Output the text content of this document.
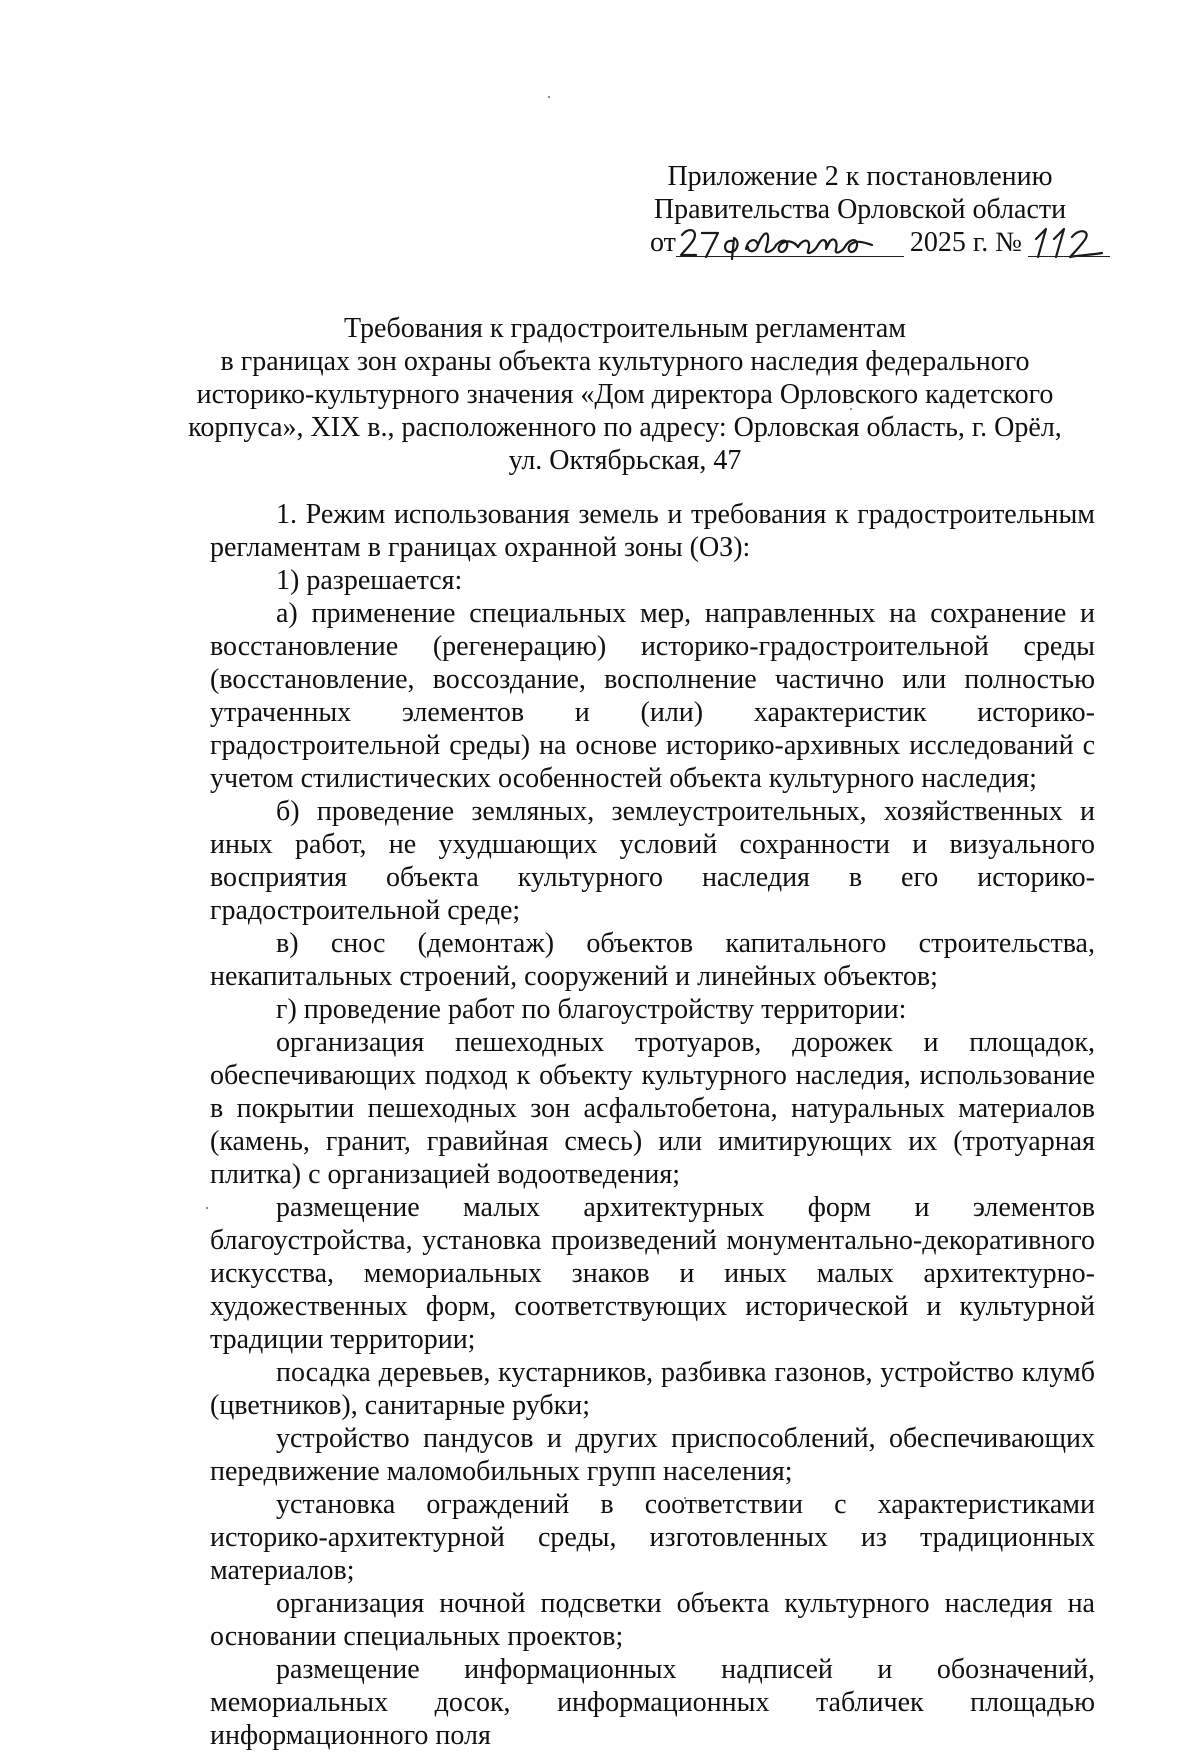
Приложение 2 к постановлению
Правительства Орловской области
от	2025 г. №
Требования к градостроительным регламентам
в границах зон охраны объекта культурного наследия федерального
историко-культурного значения «Дом директора Орловского кадетского
корпуса», XIX в., расположенного по адресу: Орловская область, г. Орёл,
ул. Октябрьская, 47

1. Режим использования земель и требования к градостроительным регламентам в границах охранной зоны (ОЗ):

1) разрешается:

а) применение специальных мер, направленных на сохранение и восстановление (регенерацию) историко-градостроительной среды (восстановление, воссоздание, восполнение частично или полностью утраченных элементов и (или) характеристик историко-градостроительной среды) на основе историко-архивных исследований с учетом стилистических особенностей объекта культурного наследия;

б) проведение земляных, землеустроительных, хозяйственных и иных работ, не ухудшающих условий сохранности и визуального восприятия объекта культурного наследия в его историко-градостроительной среде;

в) снос (демонтаж) объектов капитального строительства, некапитальных строений, сооружений и линейных объектов;

г) проведение работ по благоустройству территории:

организация пешеходных тротуаров, дорожек и площадок, обеспечивающих подход к объекту культурного наследия, использование в покрытии пешеходных зон асфальтобетона, натуральных материалов (камень, гранит, гравийная смесь) или имитирующих их (тротуарная плитка) с организацией водоотведения;

размещение малых архитектурных форм и элементов благоустройства, установка произведений монументально-декоративного искусства, мемориальных знаков и иных малых архитектурно-художественных форм, соответствующих исторической и культурной традиции территории;

посадка деревьев, кустарников, разбивка газонов, устройство клумб (цветников), санитарные рубки;

устройство пандусов и других приспособлений, обеспечивающих передвижение маломобильных групп населения;

установка ограждений в соответствии с характеристиками историко-архитектурной среды, изготовленных из традиционных материалов;

организация ночной подсветки объекта культурного наследия на основании специальных проектов;

размещение информационных надписей и обозначений, мемориальных досок, информационных табличек площадью информационного поля
